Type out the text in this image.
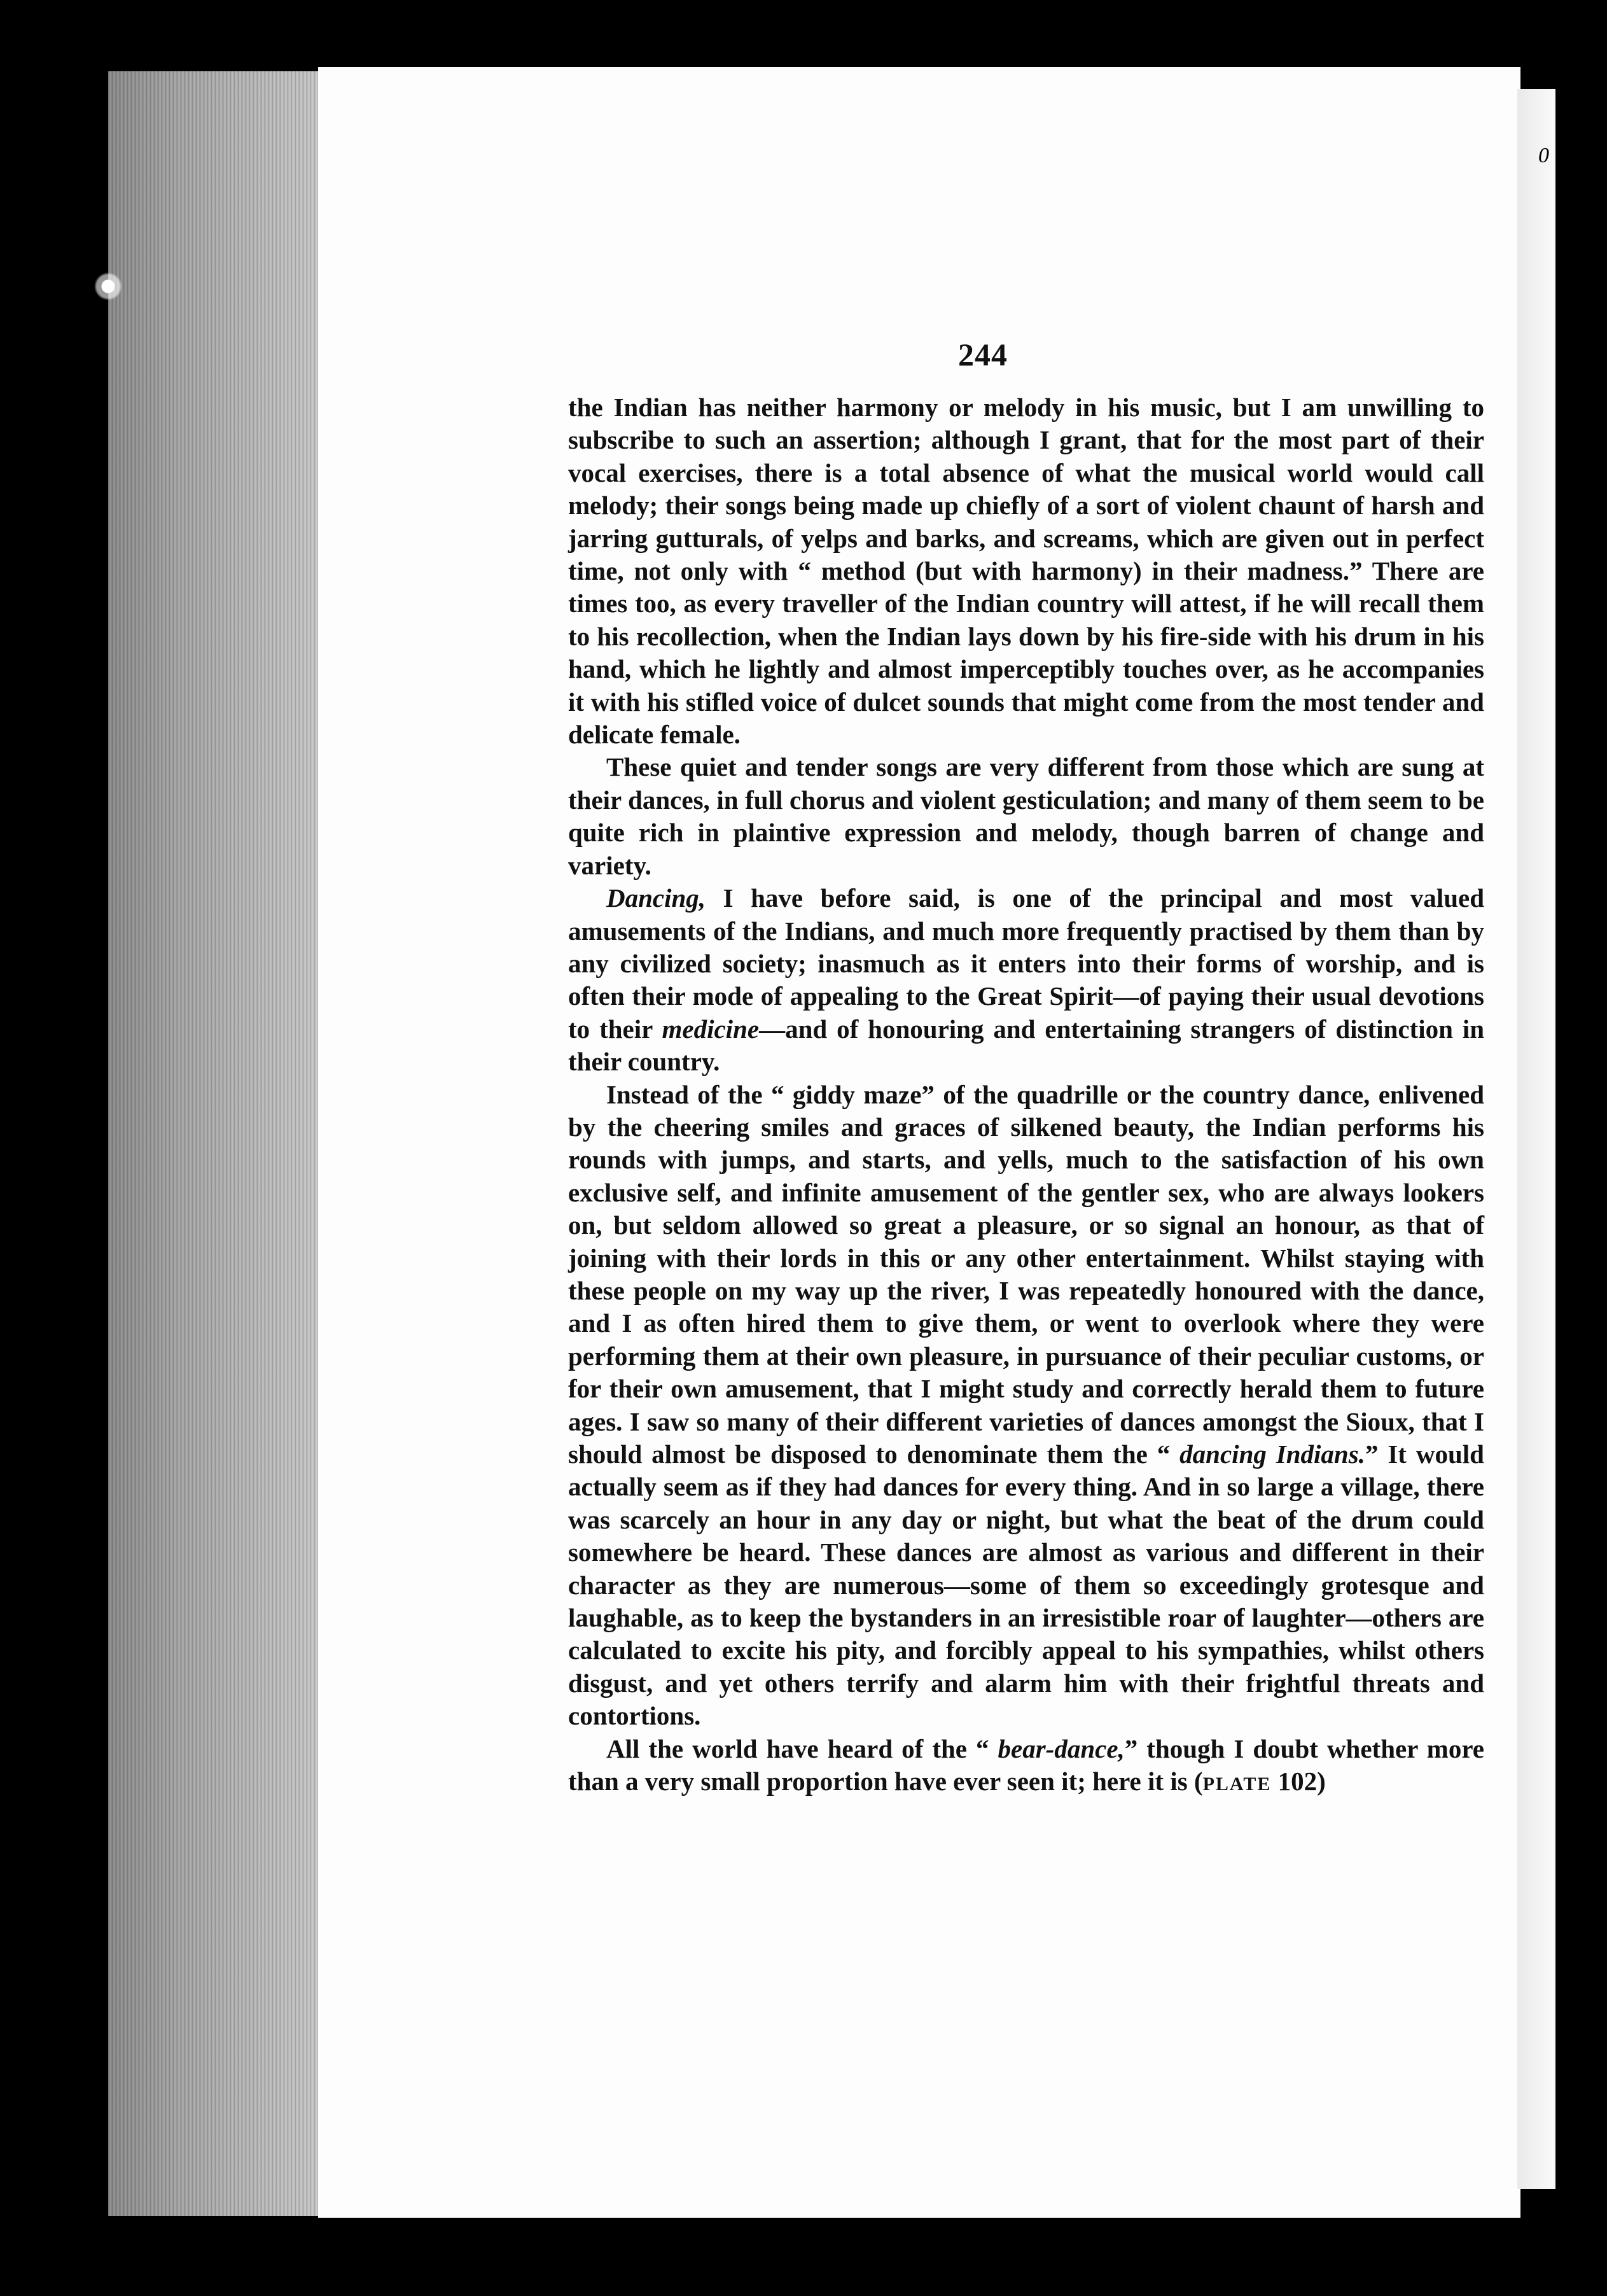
0
244

the Indian has neither harmony or melody in his music, but I am unwilling to subscribe to such an assertion; although I grant, that for the most part of their vocal exercises, there is a total absence of what the musical world would call melody; their songs being made up chiefly of a sort of violent chaunt of harsh and jarring gutturals, of yelps and barks, and screams, which are given out in perfect time, not only with “ method (but with harmony) in their madness.” There are times too, as every traveller of the Indian country will attest, if he will recall them to his recollection, when the Indian lays down by his fire-side with his drum in his hand, which he lightly and almost imperceptibly touches over, as he accompanies it with his stifled voice of dulcet sounds that might come from the most tender and delicate female.

These quiet and tender songs are very different from those which are sung at their dances, in full chorus and violent gesticulation; and many of them seem to be quite rich in plaintive expression and melody, though barren of change and variety.

Dancing, I have before said, is one of the principal and most valued amusements of the Indians, and much more frequently practised by them than by any civilized society; inasmuch as it enters into their forms of worship, and is often their mode of appealing to the Great Spirit—of paying their usual devotions to their medicine—and of honouring and entertaining strangers of distinction in their country.

Instead of the “ giddy maze” of the quadrille or the country dance, enlivened by the cheering smiles and graces of silkened beauty, the Indian performs his rounds with jumps, and starts, and yells, much to the satisfaction of his own exclusive self, and infinite amusement of the gentler sex, who are always lookers on, but seldom allowed so great a pleasure, or so signal an honour, as that of joining with their lords in this or any other entertainment. Whilst staying with these people on my way up the river, I was repeatedly honoured with the dance, and I as often hired them to give them, or went to overlook where they were performing them at their own pleasure, in pursuance of their peculiar customs, or for their own amusement, that I might study and correctly herald them to future ages. I saw so many of their different varieties of dances amongst the Sioux, that I should almost be disposed to denominate them the “ dancing Indians.” It would actually seem as if they had dances for every thing. And in so large a village, there was scarcely an hour in any day or night, but what the beat of the drum could somewhere be heard. These dances are almost as various and different in their character as they are numerous—some of them so exceedingly grotesque and laughable, as to keep the bystanders in an irresistible roar of laughter—others are calculated to excite his pity, and forcibly appeal to his sympathies, whilst others disgust, and yet others terrify and alarm him with their frightful threats and contortions.

All the world have heard of the “ bear-dance,” though I doubt whether more than a very small proportion have ever seen it; here it is (PLATE 102)
